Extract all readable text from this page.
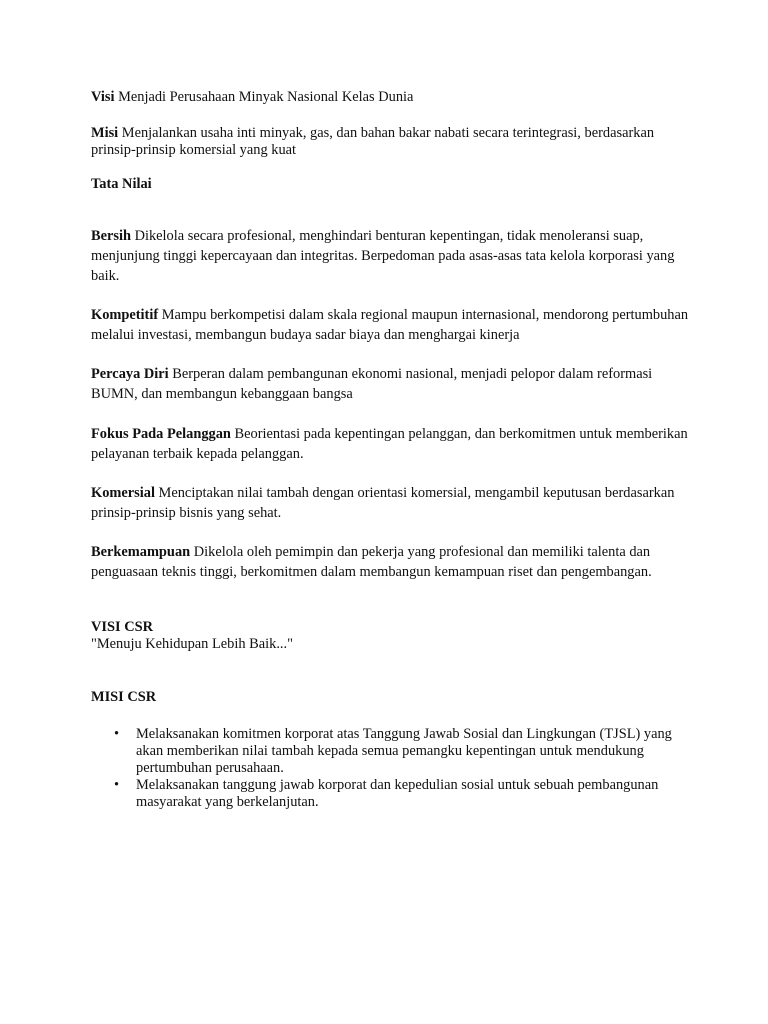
Visi Menjadi Perusahaan Minyak Nasional Kelas Dunia

Misi Menjalankan usaha inti minyak, gas, dan bahan bakar nabati secara terintegrasi, berdasarkan prinsip-prinsip komersial yang kuat

Tata Nilai

Bersih Dikelola secara profesional, menghindari benturan kepentingan, tidak menoleransi suap, menjunjung tinggi kepercayaan dan integritas. Berpedoman pada asas-asas tata kelola korporasi yang baik.

Kompetitif Mampu berkompetisi dalam skala regional maupun internasional, mendorong pertumbuhan melalui investasi, membangun budaya sadar biaya dan menghargai kinerja

Percaya Diri Berperan dalam pembangunan ekonomi nasional, menjadi pelopor dalam reformasi BUMN, dan membangun kebanggaan bangsa

Fokus Pada Pelanggan Beorientasi pada kepentingan pelanggan, dan berkomitmen untuk memberikan pelayanan terbaik kepada pelanggan.

Komersial Menciptakan nilai tambah dengan orientasi komersial, mengambil keputusan berdasarkan prinsip-prinsip bisnis yang sehat.

Berkemampuan Dikelola oleh pemimpin dan pekerja yang profesional dan memiliki talenta dan penguasaan teknis tinggi, berkomitmen dalam membangun kemampuan riset dan pengembangan.

VISI CSR

"Menuju Kehidupan Lebih Baik..."

MISI CSR

• Melaksanakan komitmen korporat atas Tanggung Jawab Sosial dan Lingkungan (TJSL) yang akan memberikan nilai tambah kepada semua pemangku kepentingan untuk mendukung pertumbuhan perusahaan.
• Melaksanakan tanggung jawab korporat dan kepedulian sosial untuk sebuah pembangunan masyarakat yang berkelanjutan.
